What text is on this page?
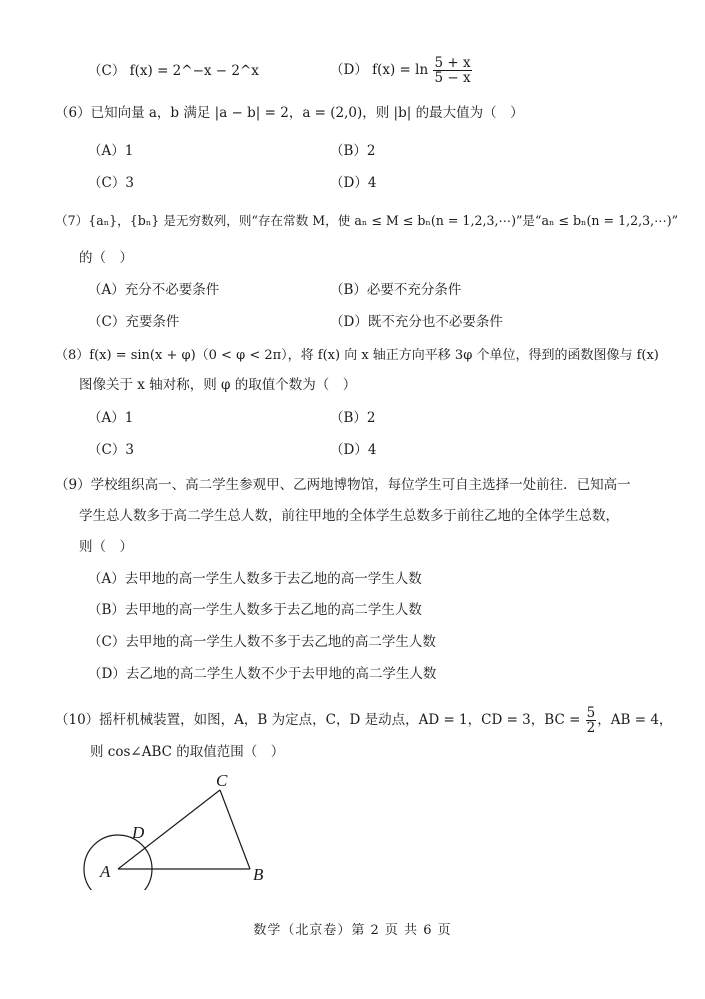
（C） f(x) = 2^−x − 2^x	（D） $f(x) = \ln \frac{5 + x}{5 - x}$
（6）已知向量 a，b 满足 |a − b| = 2，a = (2,0)，则 |b| 的最大值为（　）
（A）1	（B）2
（C）3	（D）4
（7）{aₙ}，{bₙ} 是无穷数列，则“存在常数 M，使 aₙ ≤ M ≤ bₙ(n = 1,2,3,⋯)”是“aₙ ≤ bₙ(n = 1,2,3,⋯)”
的（　）
（A）充分不必要条件	（B）必要不充分条件
（C）充要条件	（D）既不充分也不必要条件
（8）f(x) = sin(x + φ)（0 < φ < 2π），将 f(x) 向 x 轴正方向平移 3φ 个单位，得到的函数图像与 f(x)
图像关于 x 轴对称，则 φ 的取值个数为（　）
（A）1	（B）2
（C）3	（D）4
（9）学校组织高一、高二学生参观甲、乙两地博物馆，每位学生可自主选择一处前往．已知高一
学生总人数多于高二学生总人数，前往甲地的全体学生总数多于前往乙地的全体学生总数，
则（　）
（A）去甲地的高一学生人数多于去乙地的高一学生人数
（B）去甲地的高一学生人数多于去乙地的高二学生人数
（C）去甲地的高一学生人数不多于去乙地的高二学生人数
（D）去乙地的高二学生人数不少于去甲地的高二学生人数
（10）摇杆机械装置，如图，A，B 为定点，C，D 是动点，AD = 1，CD = 3，BC = $\frac{5}{2}$ ，AB = 4，
则 cos∠ABC 的取值范围（　）
A	B
C
D
数学（北京卷）第 2 页 共 6 页
